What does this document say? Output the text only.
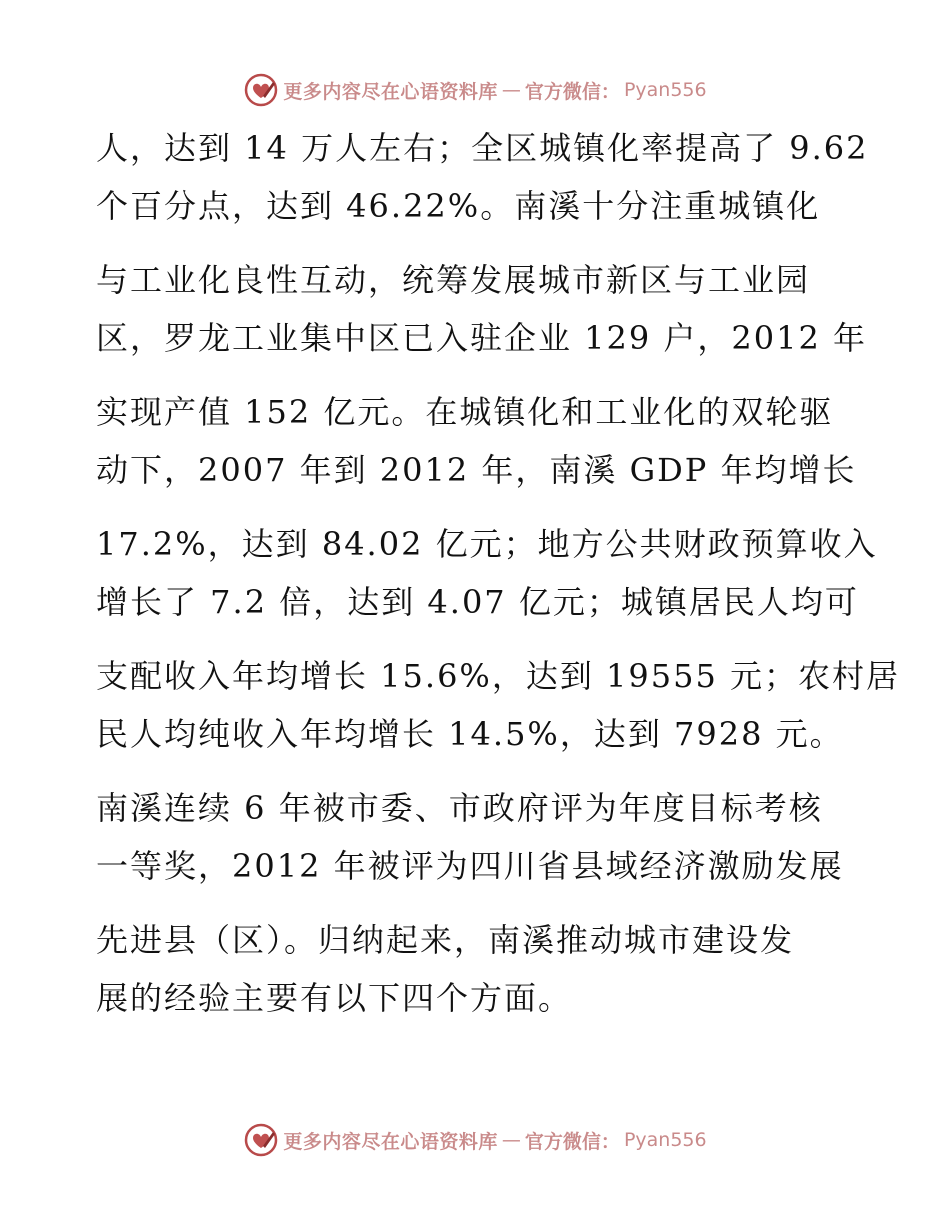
更多内容尽在心语资料库 — 官方微信： Pyan556
人，达到 14 万人左右；全区城镇化率提高了 9.62
个百分点，达到 46.22%。南溪十分注重城镇化
与工业化良性互动，统筹发展城市新区与工业园
区，罗龙工业集中区已入驻企业 129 户，2012 年
实现产值 152 亿元。在城镇化和工业化的双轮驱
动下，2007 年到 2012 年，南溪 GDP 年均增长
17.2%，达到 84.02 亿元；地方公共财政预算收入
增长了 7.2 倍，达到 4.07 亿元；城镇居民人均可
支配收入年均增长 15.6%，达到 19555 元；农村居
民人均纯收入年均增长 14.5%，达到 7928 元。
南溪连续 6 年被市委、市政府评为年度目标考核
一等奖，2012 年被评为四川省县域经济激励发展
先进县（区）。归纳起来，南溪推动城市建设发
展的经验主要有以下四个方面。
更多内容尽在心语资料库 — 官方微信： Pyan556
